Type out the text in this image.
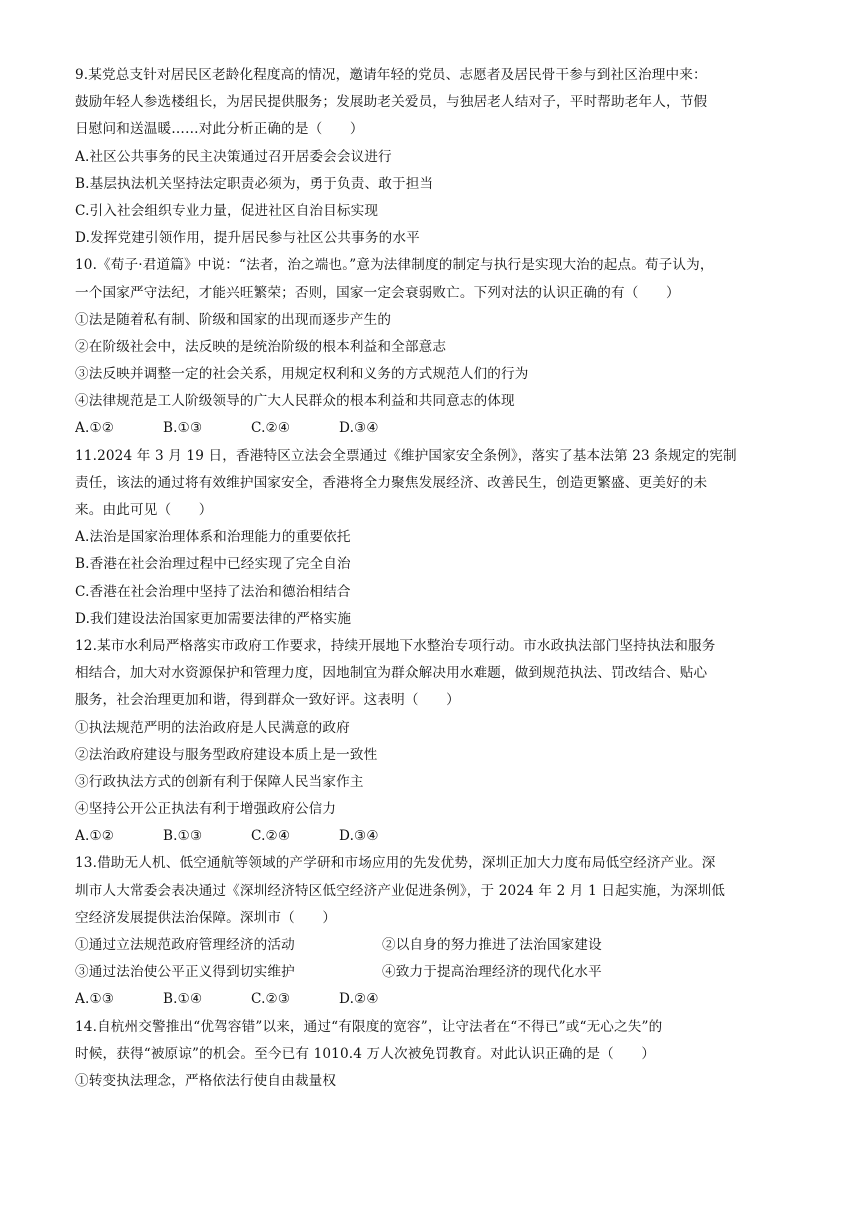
9.某党总支针对居民区老龄化程度高的情况，邀请年轻的党员、志愿者及居民骨干参与到社区治理中来：
鼓励年轻人参选楼组长，为居民提供服务；发展助老关爱员，与独居老人结对子，平时帮助老年人，节假
日慰问和送温暖……对此分析正确的是（　　）
A.社区公共事务的民主决策通过召开居委会会议进行
B.基层执法机关坚持法定职责必须为，勇于负责、敢于担当
C.引入社会组织专业力量，促进社区自治目标实现
D.发挥党建引领作用，提升居民参与社区公共事务的水平
10.《荀子·君道篇》中说：“法者，治之端也。”意为法律制度的制定与执行是实现大治的起点。荀子认为，
一个国家严守法纪，才能兴旺繁荣；否则，国家一定会衰弱败亡。下列对法的认识正确的有（　　）
①法是随着私有制、阶级和国家的出现而逐步产生的
②在阶级社会中，法反映的是统治阶级的根本利益和全部意志
③法反映并调整一定的社会关系，用规定权利和义务的方式规范人们的行为
④法律规范是工人阶级领导的广大人民群众的根本利益和共同意志的体现
A.①②	B.①③	C.②④	D.③④
11.2024 年 3 月 19 日，香港特区立法会全票通过《维护国家安全条例》，落实了基本法第 23 条规定的宪制
责任，该法的通过将有效维护国家安全，香港将全力聚焦发展经济、改善民生，创造更繁盛、更美好的未
来。由此可见（　　）
A.法治是国家治理体系和治理能力的重要依托
B.香港在社会治理过程中已经实现了完全自治
C.香港在社会治理中坚持了法治和德治相结合
D.我们建设法治国家更加需要法律的严格实施
12.某市水利局严格落实市政府工作要求，持续开展地下水整治专项行动。市水政执法部门坚持执法和服务
相结合，加大对水资源保护和管理力度，因地制宜为群众解决用水难题，做到规范执法、罚改结合、贴心
服务，社会治理更加和谐，得到群众一致好评。这表明（　　）
①执法规范严明的法治政府是人民满意的政府
②法治政府建设与服务型政府建设本质上是一致性
③行政执法方式的创新有利于保障人民当家作主
④坚持公开公正执法有利于增强政府公信力
A.①②	B.①③	C.②④	D.③④
13.借助无人机、低空通航等领域的产学研和市场应用的先发优势，深圳正加大力度布局低空经济产业。深
圳市人大常委会表决通过《深圳经济特区低空经济产业促进条例》，于 2024 年 2 月 1 日起实施，为深圳低
空经济发展提供法治保障。深圳市（　　）
①通过立法规范政府管理经济的活动	②以自身的努力推进了法治国家建设
③通过法治使公平正义得到切实维护	④致力于提高治理经济的现代化水平
A.①③	B.①④	C.②③	D.②④
14.自杭州交警推出“优驾容错”以来，通过“有限度的宽容”，让守法者在“不得已”或“无心之失”的
时候，获得“被原谅”的机会。至今已有 1010.4 万人次被免罚教育。对此认识正确的是（　　）
①转变执法理念，严格依法行使自由裁量权
